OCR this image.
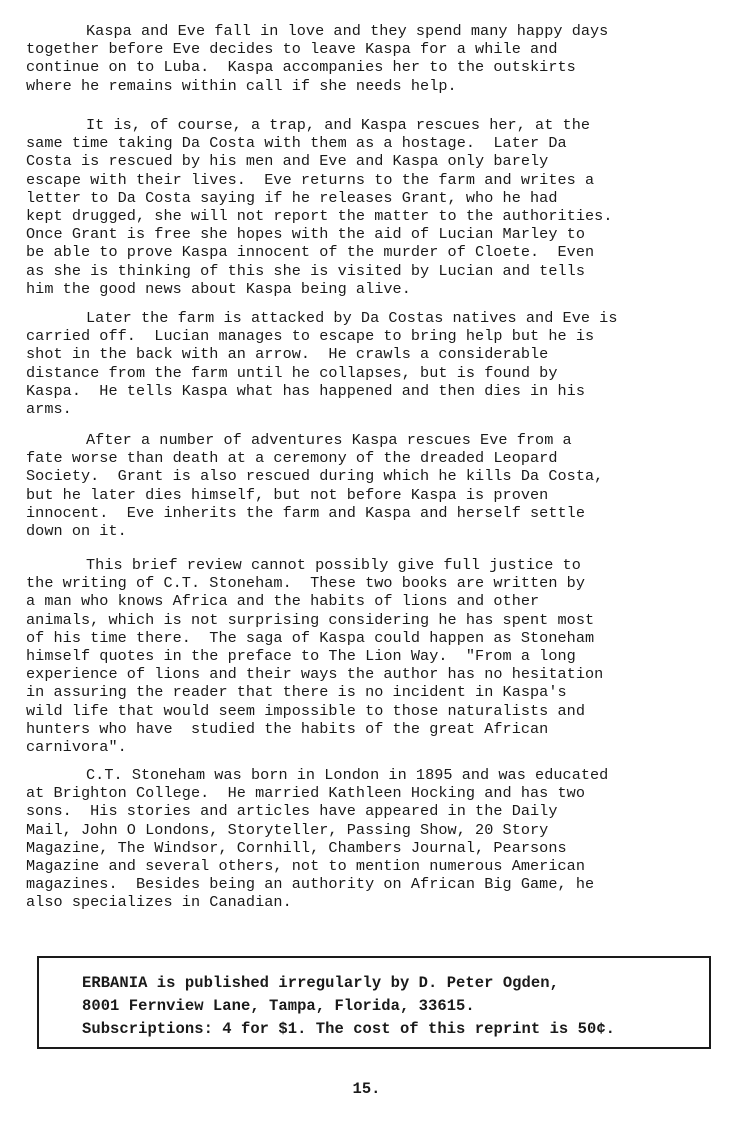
Kaspa and Eve fall in love and they spend many happy days
together before Eve decides to leave Kaspa for a while and
continue on to Luba.  Kaspa accompanies her to the outskirts
where he remains within call if she needs help.
It is, of course, a trap, and Kaspa rescues her, at the
same time taking Da Costa with them as a hostage.  Later Da
Costa is rescued by his men and Eve and Kaspa only barely
escape with their lives.  Eve returns to the farm and writes a
letter to Da Costa saying if he releases Grant, who he had
kept drugged, she will not report the matter to the authorities.
Once Grant is free she hopes with the aid of Lucian Marley to
be able to prove Kaspa innocent of the murder of Cloete.  Even
as she is thinking of this she is visited by Lucian and tells
him the good news about Kaspa being alive.
Later the farm is attacked by Da Costas natives and Eve is
carried off.  Lucian manages to escape to bring help but he is
shot in the back with an arrow.  He crawls a considerable
distance from the farm until he collapses, but is found by
Kaspa.  He tells Kaspa what has happened and then dies in his
arms.
After a number of adventures Kaspa rescues Eve from a
fate worse than death at a ceremony of the dreaded Leopard
Society.  Grant is also rescued during which he kills Da Costa,
but he later dies himself, but not before Kaspa is proven
innocent.  Eve inherits the farm and Kaspa and herself settle
down on it.
This brief review cannot possibly give full justice to
the writing of C.T. Stoneham.  These two books are written by
a man who knows Africa and the habits of lions and other
animals, which is not surprising considering he has spent most
of his time there.  The saga of Kaspa could happen as Stoneham
himself quotes in the preface to The Lion Way.  "From a long
experience of lions and their ways the author has no hesitation
in assuring the reader that there is no incident in Kaspa's
wild life that would seem impossible to those naturalists and
hunters who have  studied the habits of the great African
carnivora".
C.T. Stoneham was born in London in 1895 and was educated
at Brighton College.  He married Kathleen Hocking and has two
sons.  His stories and articles have appeared in the Daily
Mail, John O Londons, Storyteller, Passing Show, 20 Story
Magazine, The Windsor, Cornhill, Chambers Journal, Pearsons
Magazine and several others, not to mention numerous American
magazines.  Besides being an authority on African Big Game, he
also specializes in Canadian.
ERBANIA is published irregularly by D. Peter Ogden,
8001 Fernview Lane, Tampa, Florida, 33615.
Subscriptions: 4 for $1. The cost of this reprint is 50¢.
15.
